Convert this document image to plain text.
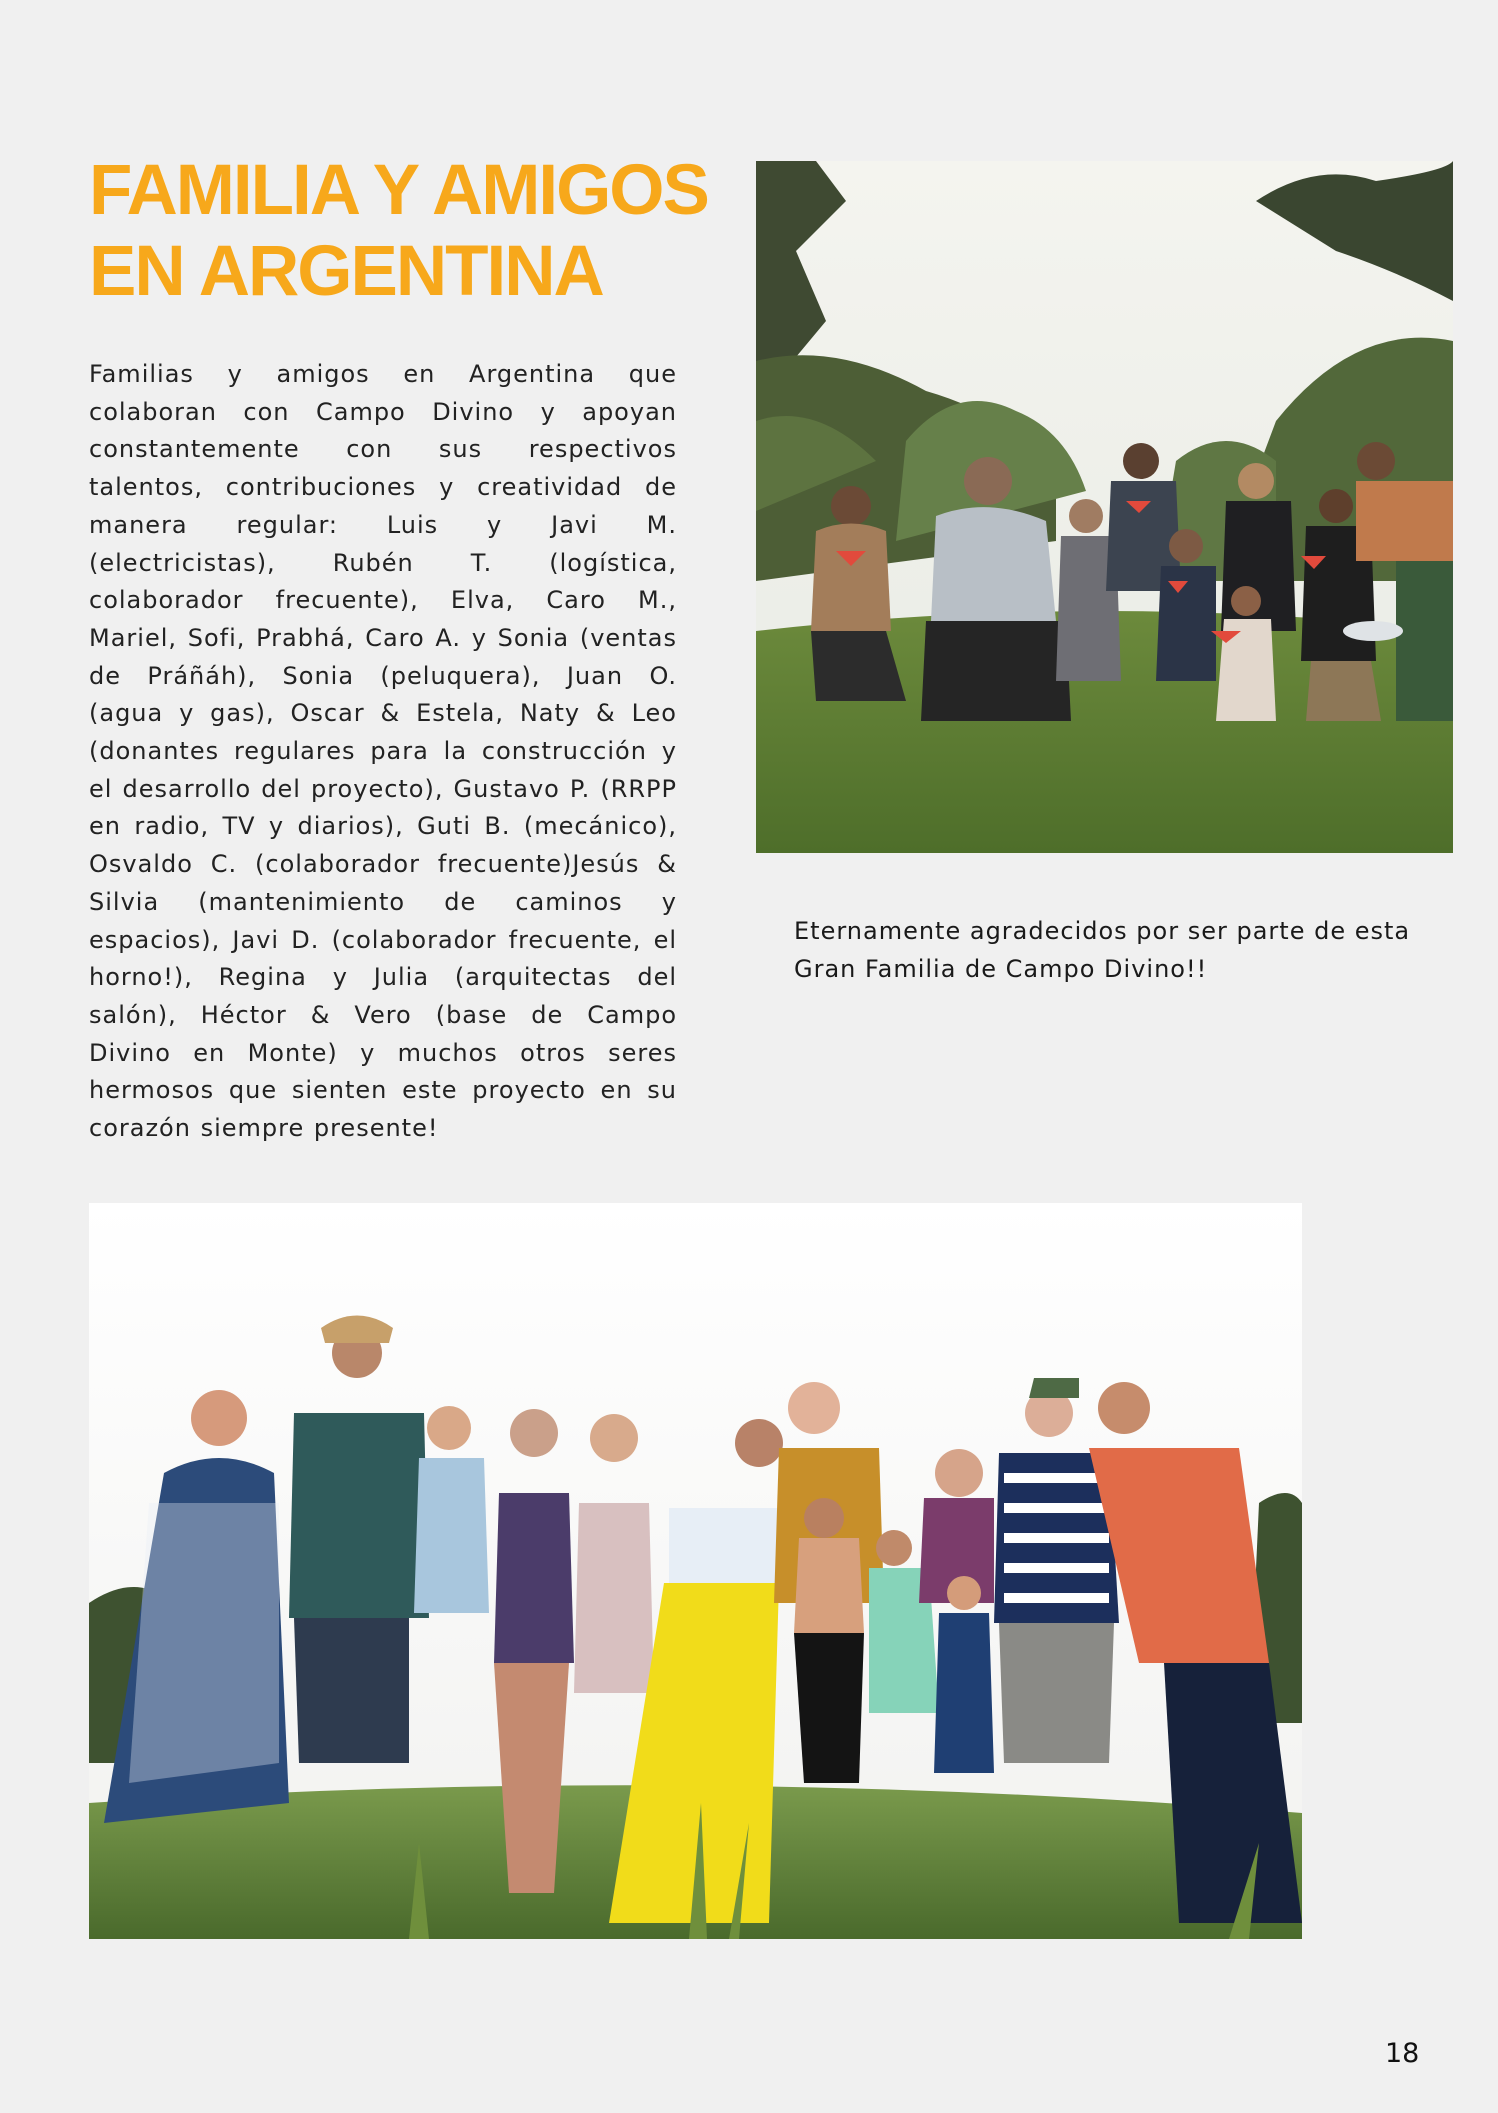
FAMILIA Y AMIGOS
EN ARGENTINA

Familias y amigos en Argentina que colaboran con Campo Divino y apoyan constantemente con sus respectivos talentos, contribuciones y creatividad de manera regular: Luis y Javi M. (electricistas), Rubén T. (logística, colaborador frecuente), Elva, Caro M., Mariel, Sofi, Prabhá, Caro A. y Sonia (ventas de Práñáh), Sonia (peluquera), Juan O. (agua y gas), Oscar & Estela, Naty & Leo (donantes regulares para la construcción y el desarrollo del proyecto), Gustavo P. (RRPP en radio, TV y diarios), Guti B. (mecánico), Osvaldo C. (colaborador frecuente)Jesús & Silvia (mantenimiento de caminos y espacios), Javi D. (colaborador frecuente, el horno!), Regina y Julia (arquitectas del salón), Héctor & Vero (base de Campo Divino en Monte) y muchos otros seres hermosos que sienten este proyecto en su corazón siempre presente!

Eternamente agradecidos por ser parte de esta Gran Familia de Campo Divino!!

18
